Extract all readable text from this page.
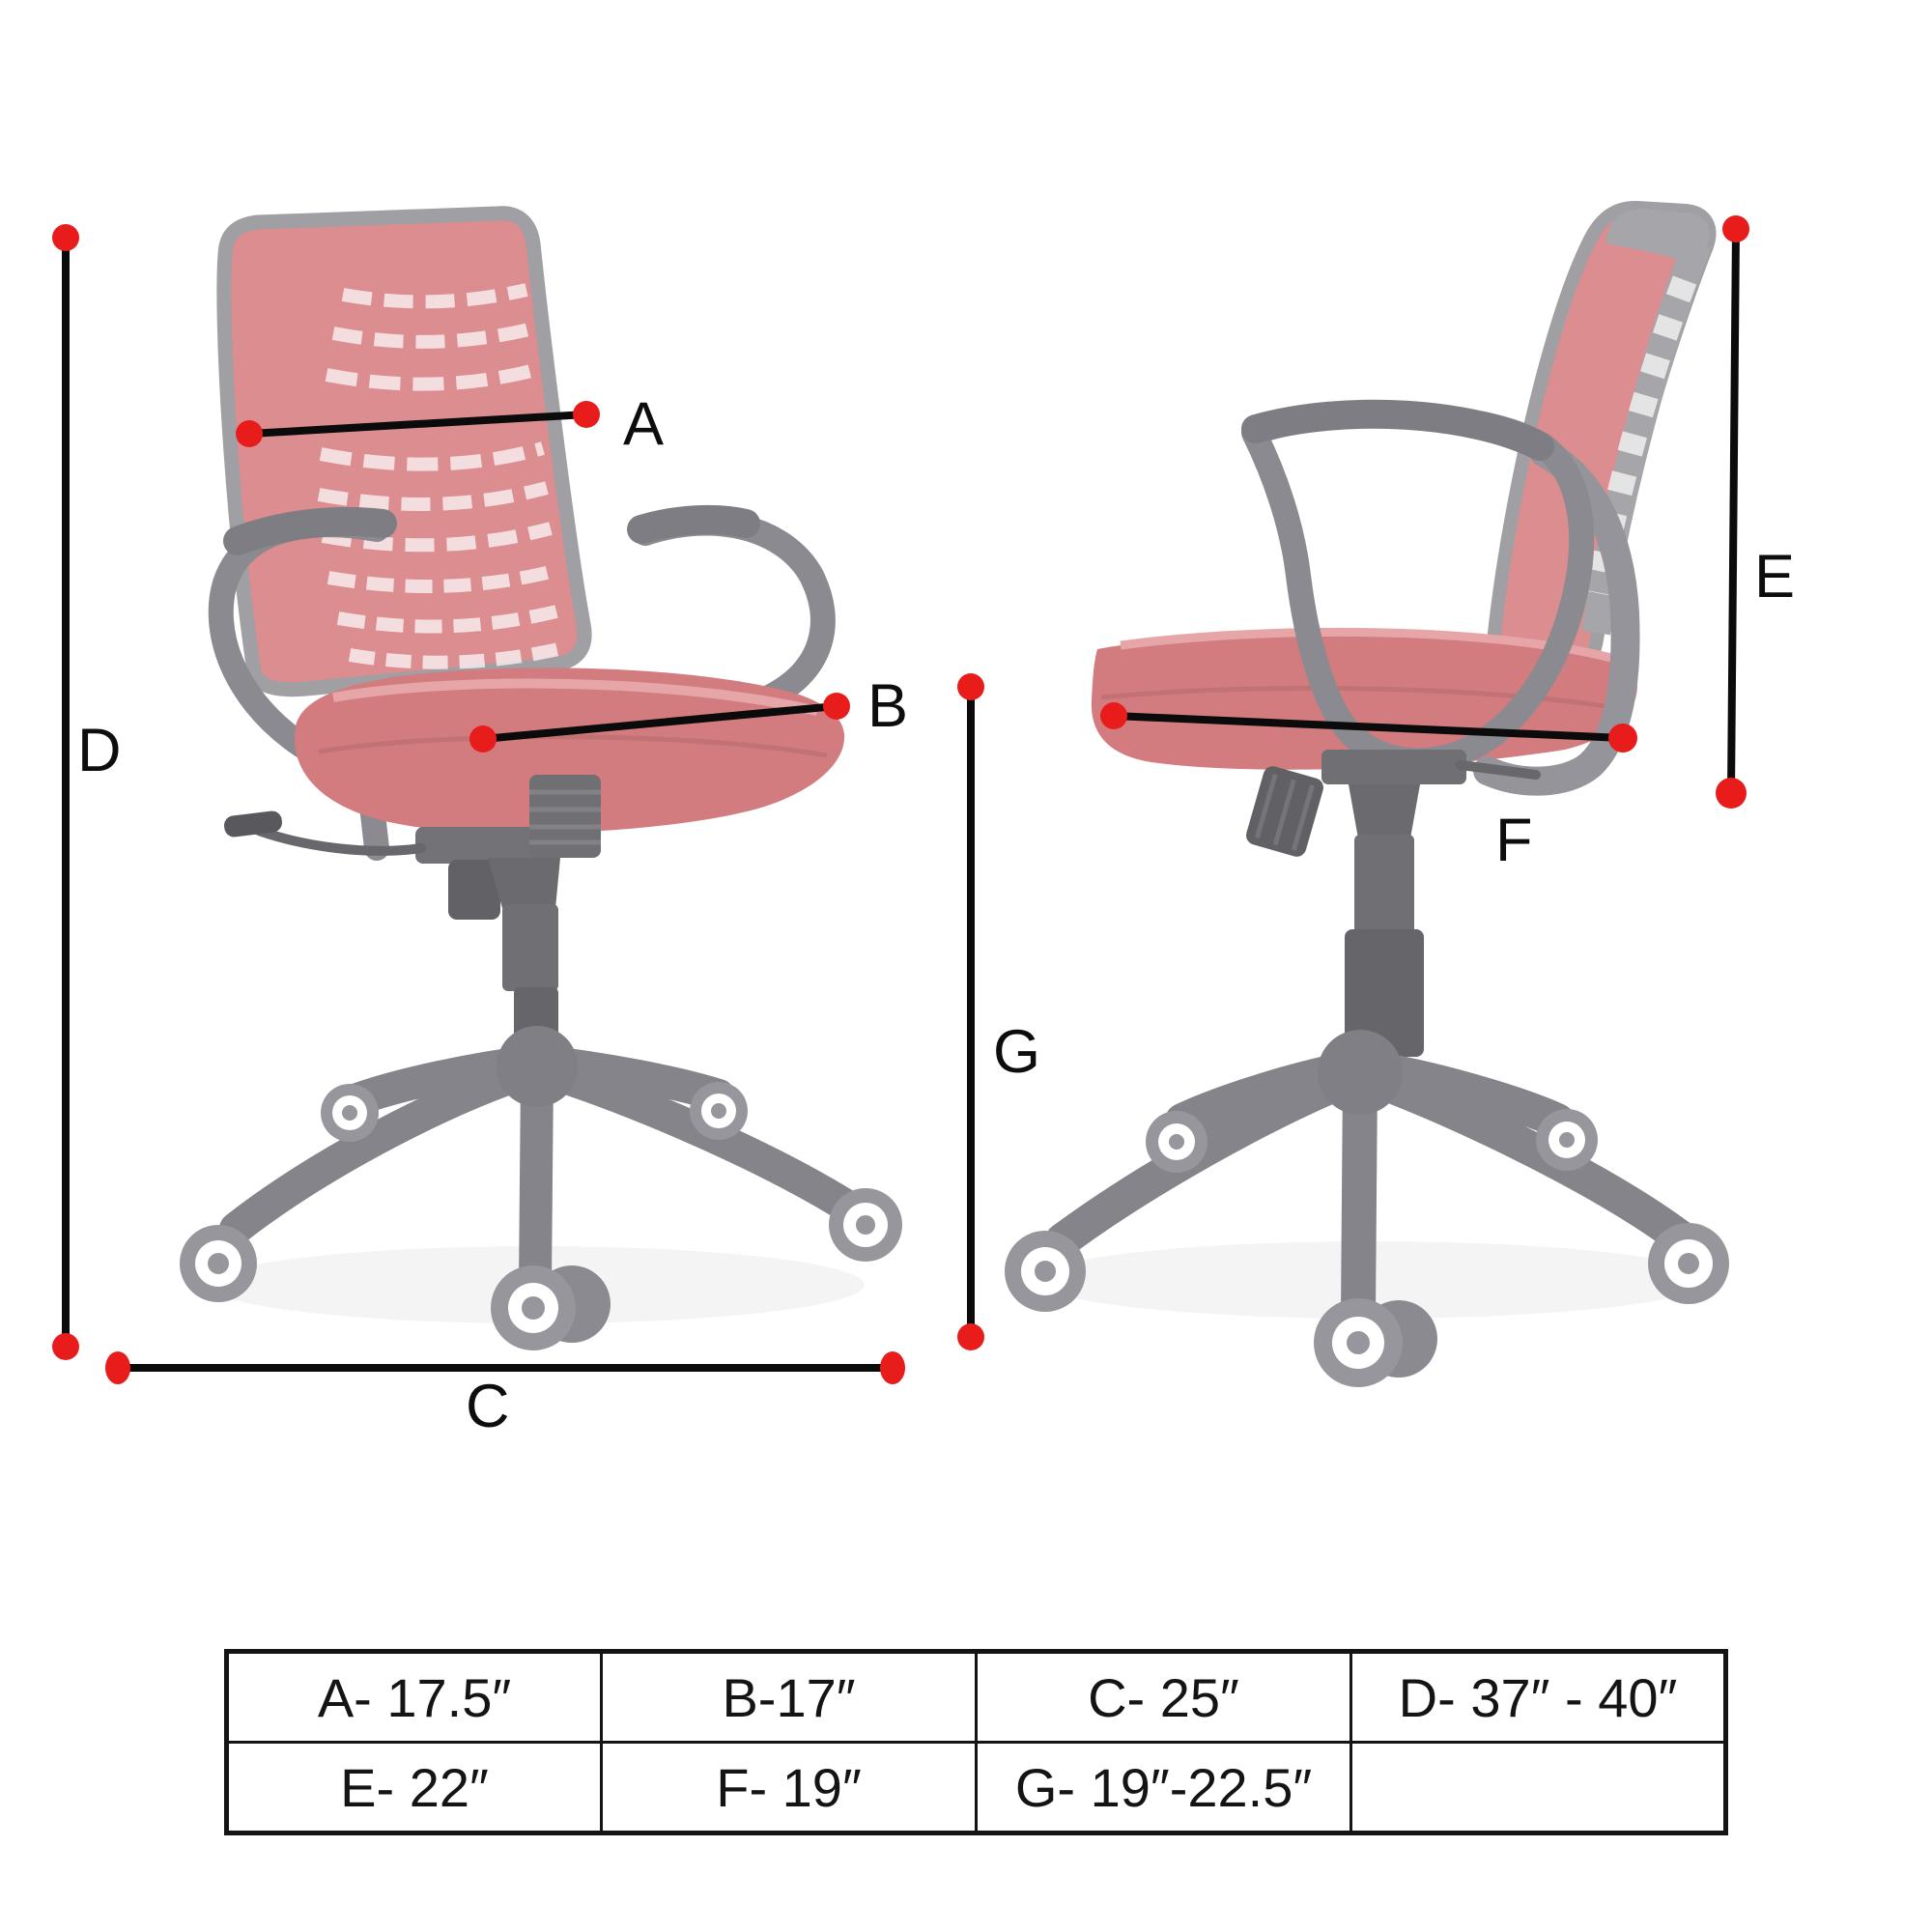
A
B
C
D
E
F
G
A- 17.5″	B-17″	C- 25″	D- 37″ - 40″
E- 22″	F- 19″	G- 19″-22.5″	
